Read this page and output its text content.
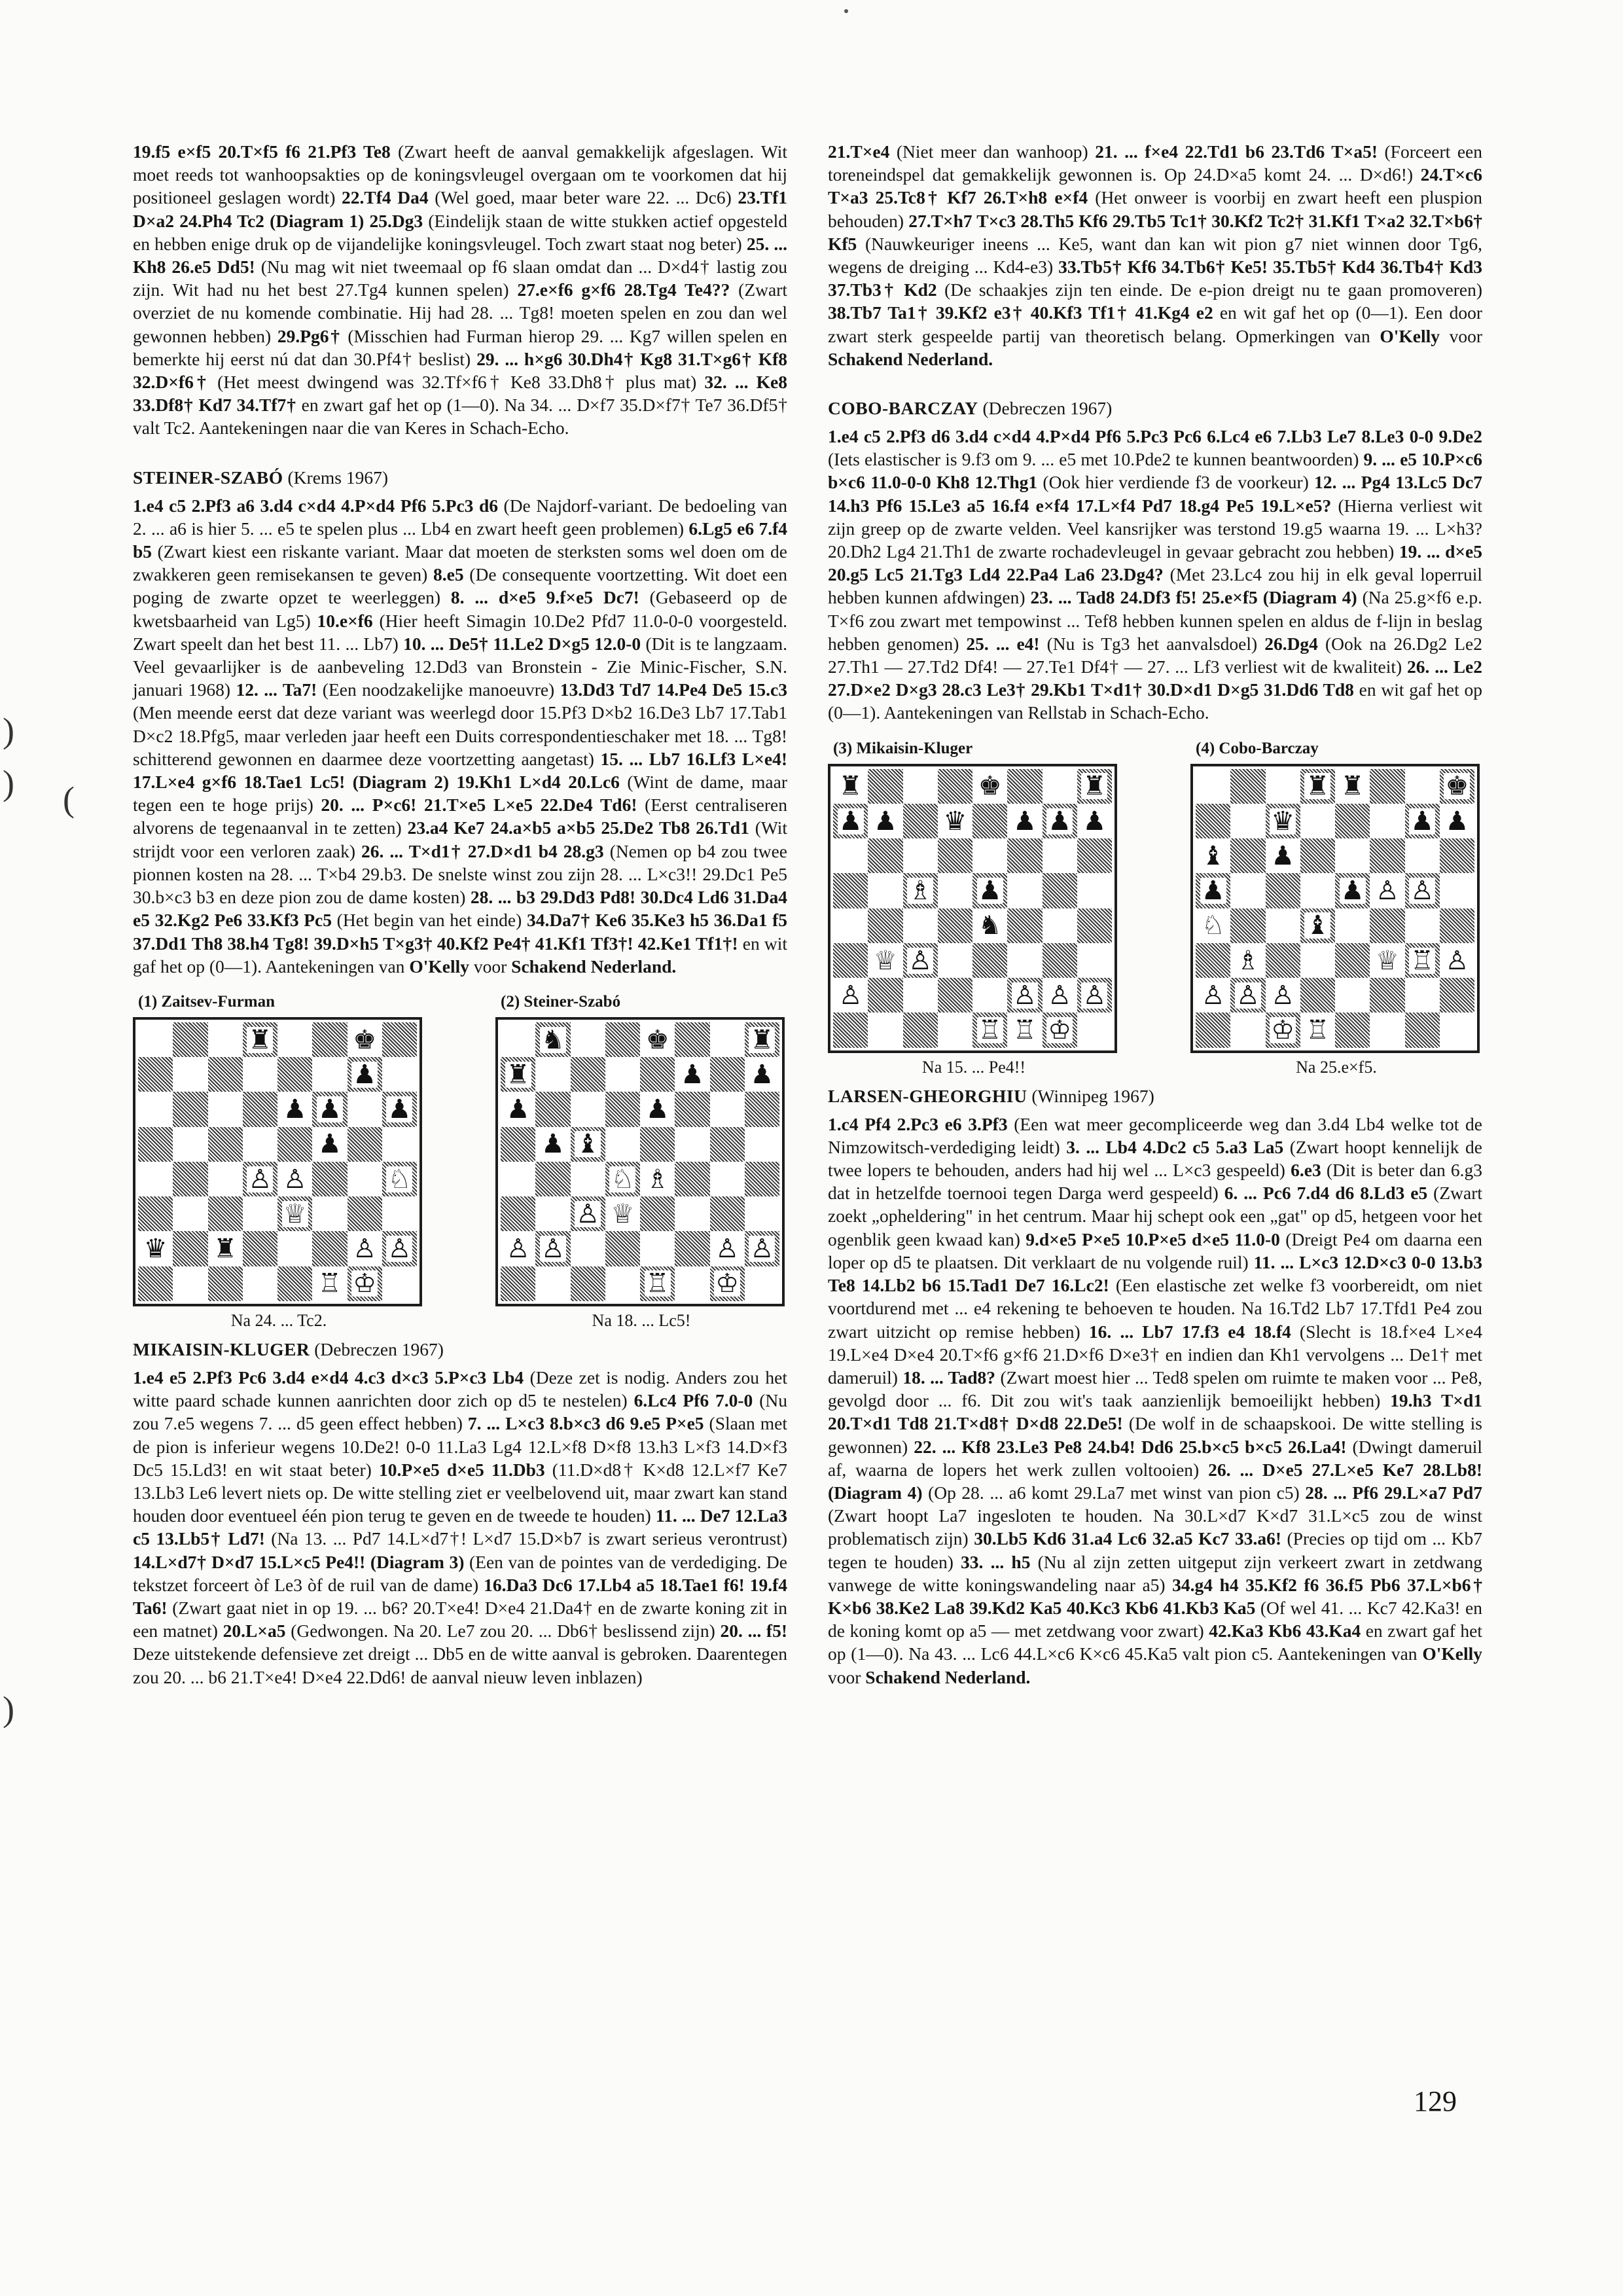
)
) (
)

19.f5 e×f5 20.T×f5 f6 21.Pf3 Te8 (Zwart heeft de aanval gemakkelijk afgeslagen. Wit moet reeds tot wanhoopsakties op de koningsvleugel overgaan om te voorkomen dat hij positioneel geslagen wordt) 22.Tf4 Da4 (Wel goed, maar beter ware 22. ... Dc6) 23.Tf1 D×a2 24.Ph4 Tc2 (Diagram 1) 25.Dg3 (Eindelijk staan de witte stukken actief opgesteld en hebben enige druk op de vijandelijke koningsvleugel. Toch zwart staat nog beter) 25. ... Kh8 26.e5 Dd5! (Nu mag wit niet tweemaal op f6 slaan omdat dan ... D×d4† lastig zou zijn. Wit had nu het best 27.Tg4 kunnen spelen) 27.e×f6 g×f6 28.Tg4 Te4?? (Zwart overziet de nu komende combinatie. Hij had 28. ... Tg8! moeten spelen en zou dan wel gewonnen hebben) 29.Pg6† (Misschien had Furman hierop 29. ... Kg7 willen spelen en bemerkte hij eerst nú dat dan 30.Pf4† beslist) 29. ... h×g6 30.Dh4† Kg8 31.T×g6† Kf8 32.D×f6† (Het meest dwingend was 32.Tf×f6† Ke8 33.Dh8† plus mat) 32. ... Ke8 33.Df8† Kd7 34.Tf7† en zwart gaf het op (1—0). Na 34. ... D×f7 35.D×f7† Te7 36.Df5† valt Tc2. Aantekeningen naar die van Keres in Schach-Echo.

STEINER-SZABÓ (Krems 1967)

1.e4 c5 2.Pf3 a6 3.d4 c×d4 4.P×d4 Pf6 5.Pc3 d6 (De Najdorf-variant. De bedoeling van 2. ... a6 is hier 5. ... e5 te spelen plus ... Lb4 en zwart heeft geen problemen) 6.Lg5 e6 7.f4 b5 (Zwart kiest een riskante variant. Maar dat moeten de sterksten soms wel doen om de zwakkeren geen remisekansen te geven) 8.e5 (De consequente voortzetting. Wit doet een poging de zwarte opzet te weerleggen) 8. ... d×e5 9.f×e5 Dc7! (Gebaseerd op de kwetsbaarheid van Lg5) 10.e×f6 (Hier heeft Simagin 10.De2 Pfd7 11.0-0-0 voorgesteld. Zwart speelt dan het best 11. ... Lb7) 10. ... De5† 11.Le2 D×g5 12.0-0 (Dit is te langzaam. Veel gevaarlijker is de aanbeveling 12.Dd3 van Bronstein - Zie Minic-Fischer, S.N. januari 1968) 12. ... Ta7! (Een noodzakelijke manoeuvre) 13.Dd3 Td7 14.Pe4 De5 15.c3 (Men meende eerst dat deze variant was weerlegd door 15.Pf3 D×b2 16.De3 Lb7 17.Tab1 D×c2 18.Pfg5, maar verleden jaar heeft een Duits correspondentieschaker met 18. ... Tg8! schitterend gewonnen en daarmee deze voortzetting aangetast) 15. ... Lb7 16.Lf3 L×e4! 17.L×e4 g×f6 18.Tae1 Lc5! (Diagram 2) 19.Kh1 L×d4 20.Lc6 (Wint de dame, maar tegen een te hoge prijs) 20. ... P×c6! 21.T×e5 L×e5 22.De4 Td6! (Eerst centraliseren alvorens de tegenaanval in te zetten) 23.a4 Ke7 24.a×b5 a×b5 25.De2 Tb8 26.Td1 (Wit strijdt voor een verloren zaak) 26. ... T×d1† 27.D×d1 b4 28.g3 (Nemen op b4 zou twee pionnen kosten na 28. ... T×b4 29.b3. De snelste winst zou zijn 28. ... L×c3!! 29.Dc1 Pe5 30.b×c3 b3 en deze pion zou de dame kosten) 28. ... b3 29.Dd3 Pd8! 30.Dc4 Ld6 31.Da4 e5 32.Kg2 Pe6 33.Kf3 Pc5 (Het begin van het einde) 34.Da7† Ke6 35.Ke3 h5 36.Da1 f5 37.Dd1 Th8 38.h4 Tg8! 39.D×h5 T×g3† 40.Kf2 Pe4† 41.Kf1 Tf3†! 42.Ke1 Tf1†! en wit gaf het op (0—1). Aantekeningen van O'Kelly voor Schakend Nederland.

(1) Zaitsev-Furman
♜	♚
♟
♟ ♟ ♟
♟
♙ ♙	♘
♕
♛ ♜	♙ ♙
♖ ♔
Na 24. ... Tc2.
(2) Steiner-Szabó
♞	♚	♜
♜	♟ ♟
♟	♟
♟ ♝
♘ ♗
♙ ♕
♙ ♙	♙ ♙
♖ ♔
Na 18. ... Lc5!
MIKAISIN-KLUGER (Debreczen 1967)

1.e4 e5 2.Pf3 Pc6 3.d4 e×d4 4.c3 d×c3 5.P×c3 Lb4 (Deze zet is nodig. Anders zou het witte paard schade kunnen aanrichten door zich op d5 te nestelen) 6.Lc4 Pf6 7.0-0 (Nu zou 7.e5 wegens 7. ... d5 geen effect hebben) 7. ... L×c3 8.b×c3 d6 9.e5 P×e5 (Slaan met de pion is inferieur wegens 10.De2! 0-0 11.La3 Lg4 12.L×f8 D×f8 13.h3 L×f3 14.D×f3 Dc5 15.Ld3! en wit staat beter) 10.P×e5 d×e5 11.Db3 (11.D×d8† K×d8 12.L×f7 Ke7 13.Lb3 Le6 levert niets op. De witte stelling ziet er veelbelovend uit, maar zwart kan stand houden door eventueel één pion terug te geven en de tweede te houden) 11. ... De7 12.La3 c5 13.Lb5† Ld7! (Na 13. ... Pd7 14.L×d7†! L×d7 15.D×b7 is zwart serieus verontrust) 14.L×d7† D×d7 15.L×c5 Pe4!! (Diagram 3) (Een van de pointes van de verdediging. De tekstzet forceert òf Le3 òf de ruil van de dame) 16.Da3 Dc6 17.Lb4 a5 18.Tae1 f6! 19.f4 Ta6! (Zwart gaat niet in op 19. ... b6? 20.T×e4! D×e4 21.Da4† en de zwarte koning zit in een matnet) 20.L×a5 (Gedwongen. Na 20. Le7 zou 20. ... Db6† beslissend zijn) 20. ... f5! Deze uitstekende defensieve zet dreigt ... Db5 en de witte aanval is gebroken. Daarentegen zou 20. ... b6 21.T×e4! D×e4 22.Dd6! de aanval nieuw leven inblazen)

21.T×e4 (Niet meer dan wanhoop) 21. ... f×e4 22.Td1 b6 23.Td6 T×a5! (Forceert een toreneindspel dat gemakkelijk gewonnen is. Op 24.D×a5 komt 24. ... D×d6!) 24.T×c6 T×a3 25.Tc8† Kf7 26.T×h8 e×f4 (Het onweer is voorbij en zwart heeft een pluspion behouden) 27.T×h7 T×c3 28.Th5 Kf6 29.Tb5 Tc1† 30.Kf2 Tc2† 31.Kf1 T×a2 32.T×b6† Kf5 (Nauwkeuriger ineens ... Ke5, want dan kan wit pion g7 niet winnen door Tg6, wegens de dreiging ... Kd4-e3) 33.Tb5† Kf6 34.Tb6† Ke5! 35.Tb5† Kd4 36.Tb4† Kd3 37.Tb3† Kd2 (De schaakjes zijn ten einde. De e-pion dreigt nu te gaan promoveren) 38.Tb7 Ta1† 39.Kf2 e3† 40.Kf3 Tf1† 41.Kg4 e2 en wit gaf het op (0—1). Een door zwart sterk gespeelde partij van theoretisch belang. Opmerkingen van O'Kelly voor Schakend Nederland.

COBO-BARCZAY (Debreczen 1967)

1.e4 c5 2.Pf3 d6 3.d4 c×d4 4.P×d4 Pf6 5.Pc3 Pc6 6.Lc4 e6 7.Lb3 Le7 8.Le3 0-0 9.De2 (Iets elastischer is 9.f3 om 9. ... e5 met 10.Pde2 te kunnen beantwoorden) 9. ... e5 10.P×c6 b×c6 11.0-0-0 Kh8 12.Thg1 (Ook hier verdiende f3 de voorkeur) 12. ... Pg4 13.Lc5 Dc7 14.h3 Pf6 15.Le3 a5 16.f4 e×f4 17.L×f4 Pd7 18.g4 Pe5 19.L×e5? (Hierna verliest wit zijn greep op de zwarte velden. Veel kansrijker was terstond 19.g5 waarna 19. ... L×h3? 20.Dh2 Lg4 21.Th1 de zwarte rochadevleugel in gevaar gebracht zou hebben) 19. ... d×e5 20.g5 Lc5 21.Tg3 Ld4 22.Pa4 La6 23.Dg4? (Met 23.Lc4 zou hij in elk geval loperruil hebben kunnen afdwingen) 23. ... Tad8 24.Df3 f5! 25.e×f5 (Diagram 4) (Na 25.g×f6 e.p. T×f6 zou zwart met tempowinst ... Tef8 hebben kunnen spelen en aldus de f-lijn in beslag hebben genomen) 25. ... e4! (Nu is Tg3 het aanvalsdoel) 26.Dg4 (Ook na 26.Dg2 Le2 27.Th1 — 27.Td2 Df4! — 27.Te1 Df4† — 27. ... Lf3 verliest wit de kwaliteit) 26. ... Le2 27.D×e2 D×g3 28.c3 Le3† 29.Kb1 T×d1† 30.D×d1 D×g5 31.Dd6 Td8 en wit gaf het op (0—1). Aantekeningen van Rellstab in Schach-Echo.

(3) Mikaisin-Kluger
♜	♚	♜
♟ ♟ ♛ ♟ ♟ ♟
♗ ♟
♞
♕ ♙
♙	♙ ♙ ♙
♖ ♖ ♔
Na 15. ... Pe4!!
(4) Cobo-Barczay
♜ ♜	♚
♛	♟ ♟
♝ ♟
♟	♟ ♙ ♙
♘	♝
♗	♕ ♖ ♙
♙ ♙ ♙
♔ ♖
Na 25.e×f5.
LARSEN-GHEORGHIU (Winnipeg 1967)

1.c4 Pf4 2.Pc3 e6 3.Pf3 (Een wat meer gecompliceerde weg dan 3.d4 Lb4 welke tot de Nimzowitsch-verdediging leidt) 3. ... Lb4 4.Dc2 c5 5.a3 La5 (Zwart hoopt kennelijk de twee lopers te behouden, anders had hij wel ... L×c3 gespeeld) 6.e3 (Dit is beter dan 6.g3 dat in hetzelfde toernooi tegen Darga werd gespeeld) 6. ... Pc6 7.d4 d6 8.Ld3 e5 (Zwart zoekt „opheldering" in het centrum. Maar hij schept ook een „gat" op d5, hetgeen voor het ogenblik geen kwaad kan) 9.d×e5 P×e5 10.P×e5 d×e5 11.0-0 (Dreigt Pe4 om daarna een loper op d5 te plaatsen. Dit verklaart de nu volgende ruil) 11. ... L×c3 12.D×c3 0-0 13.b3 Te8 14.Lb2 b6 15.Tad1 De7 16.Lc2! (Een elastische zet welke f3 voorbereidt, om niet voortdurend met ... e4 rekening te behoeven te houden. Na 16.Td2 Lb7 17.Tfd1 Pe4 zou zwart uitzicht op remise hebben) 16. ... Lb7 17.f3 e4 18.f4 (Slecht is 18.f×e4 L×e4 19.L×e4 D×e4 20.T×f6 g×f6 21.D×f6 D×e3† en indien dan Kh1 vervolgens ... De1† met dameruil) 18. ... Tad8? (Zwart moest hier ... Ted8 spelen om ruimte te maken voor ... Pe8, gevolgd door ... f6. Dit zou wit's taak aanzienlijk bemoeilijkt hebben) 19.h3 T×d1 20.T×d1 Td8 21.T×d8† D×d8 22.De5! (De wolf in de schaapskooi. De witte stelling is gewonnen) 22. ... Kf8 23.Le3 Pe8 24.b4! Dd6 25.b×c5 b×c5 26.La4! (Dwingt dameruil af, waarna de lopers het werk zullen voltooien) 26. ... D×e5 27.L×e5 Ke7 28.Lb8! (Diagram 4) (Op 28. ... a6 komt 29.La7 met winst van pion c5) 28. ... Pf6 29.L×a7 Pd7 (Zwart hoopt La7 ingesloten te houden. Na 30.L×d7 K×d7 31.L×c5 zou de winst problematisch zijn) 30.Lb5 Kd6 31.a4 Lc6 32.a5 Kc7 33.a6! (Precies op tijd om ... Kb7 tegen te houden) 33. ... h5 (Nu al zijn zetten uitgeput zijn verkeert zwart in zetdwang vanwege de witte koningswandeling naar a5) 34.g4 h4 35.Kf2 f6 36.f5 Pb6 37.L×b6† K×b6 38.Ke2 La8 39.Kd2 Ka5 40.Kc3 Kb6 41.Kb3 Ka5 (Of wel 41. ... Kc7 42.Ka3! en de koning komt op a5 — met zetdwang voor zwart) 42.Ka3 Kb6 43.Ka4 en zwart gaf het op (1—0). Na 43. ... Lc6 44.L×c6 K×c6 45.Ka5 valt pion c5. Aantekeningen van O'Kelly voor Schakend Nederland.

129
